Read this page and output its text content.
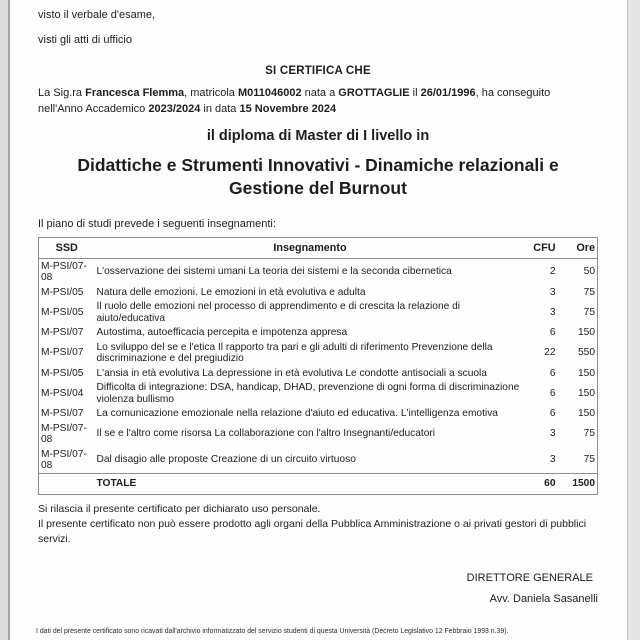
visto il verbale d'esame,

visti gli atti di ufficio

SI CERTIFICA CHE

La Sig.ra Francesca Flemma, matricola M011046002 nata a GROTTAGLIE il 26/01/1996, ha conseguito nell'Anno Accademico 2023/2024 in data 15 Novembre 2024

il diploma di Master di I livello in

Didattiche e Strumenti Innovativi - Dinamiche relazionali e Gestione del Burnout

Il piano di studi prevede i seguenti insegnamenti:

SSD	Insegnamento	CFU	Ore
M-PSI/07-08	L'osservazione dei sistemi umani La teoria dei sistemi e la seconda cibernetica	2	50
M-PSI/05	Natura delle emozioni. Le emozioni in età evolutiva e adulta	3	75
M-PSI/05	Il ruolo delle emozioni nel processo di apprendimento e di crescita la relazione di aiuto/educativa	3	75
M-PSI/07	Autostima, autoefficacia percepita e impotenza appresa	6	150
M-PSI/07	Lo sviluppo del se e l'etica Il rapporto tra pari e gli adulti di riferimento Prevenzione della discriminazione e del pregiudizio	22	550
M-PSI/05	L'ansia in età evolutiva La depressione in età evolutiva Le condotte antisociali a scuola	6	150
M-PSI/04	Difficolta di integrazione: DSA, handicap, DHAD, prevenzione di ogni forma di discriminazione violenza bullismo	6	150
M-PSI/07	La comunicazione emozionale nella relazione d'aiuto ed educativa. L'intelligenza emotiva	6	150
M-PSI/07-08	Il se e l'altro come risorsa La collaborazione con l'altro Insegnanti/educatori	3	75
M-PSI/07-08	Dal disagio alle proposte Creazione di un circuito virtuoso	3	75
	TOTALE	60	1500

Si rilascia il presente certificato per dichiarato uso personale.

Il presente certificato non può essere prodotto agli organi della Pubblica Amministrazione o ai privati gestori di pubblici servizi.

DIRETTORE GENERALE

Avv. Daniela Sasanelli

I dati del presente certificato sono ricavati dall'archivio informatizzato del servizio studenti di questa Università (Decreto Legislativo 12 Febbraio 1993 n.39).
